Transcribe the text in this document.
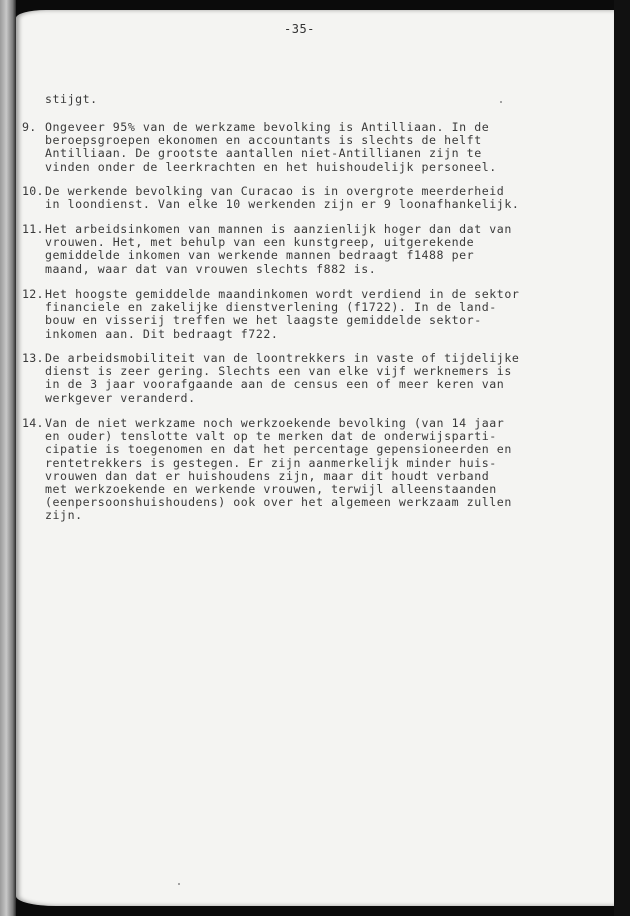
-35-
stijgt.
9. Ongeveer 95% van de werkzame bevolking is Antilliaan. In de
beroepsgroepen ekonomen en accountants is slechts de helft
Antilliaan. De grootste aantallen niet-Antillianen zijn te
vinden onder de leerkrachten en het huishoudelijk personeel.
10. De werkende bevolking van Curacao is in overgrote meerderheid
in loondienst. Van elke 10 werkenden zijn er 9 loonafhankelijk.
11. Het arbeidsinkomen van mannen is aanzienlijk hoger dan dat van
vrouwen. Het, met behulp van een kunstgreep, uitgerekende
gemiddelde inkomen van werkende mannen bedraagt f1488 per
maand, waar dat van vrouwen slechts f882 is.
12. Het hoogste gemiddelde maandinkomen wordt verdiend in de sektor
financiele en zakelijke dienstverlening (f1722). In de land-
bouw en visserij treffen we het laagste gemiddelde sektor-
inkomen aan. Dit bedraagt f722.
13. De arbeidsmobiliteit van de loontrekkers in vaste of tijdelijke
dienst is zeer gering. Slechts een van elke vijf werknemers is
in de 3 jaar voorafgaande aan de census een of meer keren van
werkgever veranderd.
14. Van de niet werkzame noch werkzoekende bevolking (van 14 jaar
en ouder) tenslotte valt op te merken dat de onderwijsparti-
cipatie is toegenomen en dat het percentage gepensioneerden en
rentetrekkers is gestegen. Er zijn aanmerkelijk minder huis-
vrouwen dan dat er huishoudens zijn, maar dit houdt verband
met werkzoekende en werkende vrouwen, terwijl alleenstaanden
(eenpersoonshuishoudens) ook over het algemeen werkzaam zullen
zijn.
